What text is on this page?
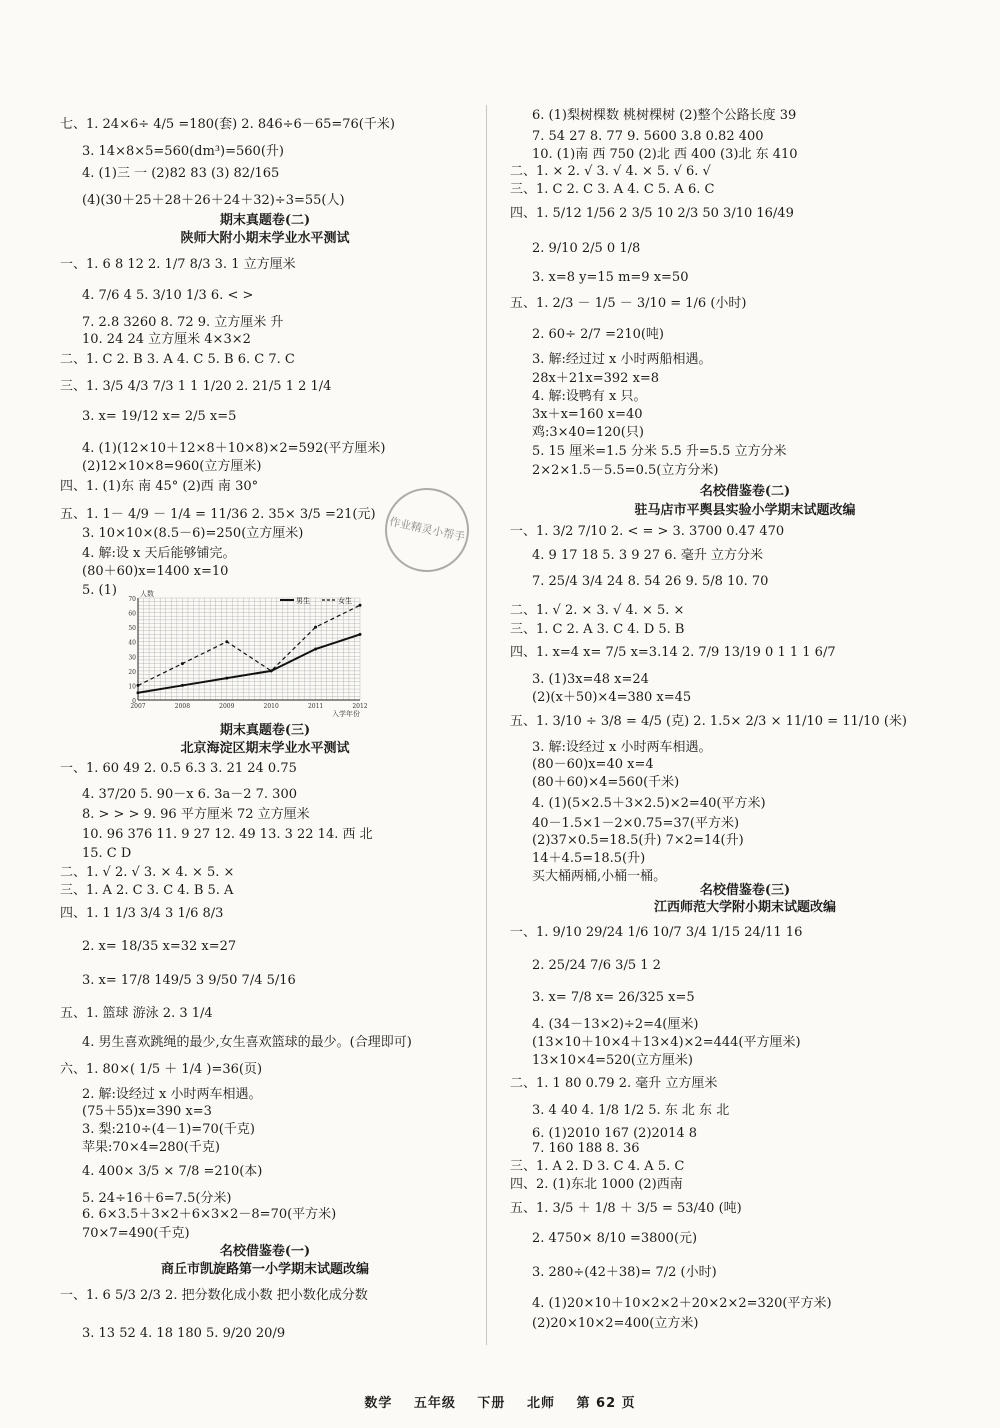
七、1. 24×6÷ 4/5 =180(套) 2. 846÷6－65=76(千米)
3. 14×8×5=560(dm³)=560(升)
4. (1)三 一 (2)82 83 (3) 82/165
(4)(30＋25＋28＋26＋24＋32)÷3=55(人)
期末真题卷(二)
陕师大附小期末学业水平测试
一、1. 6 8 12 2. 1/7 8/3 3. 1 立方厘米
4. 7/6 4 5. 3/10 1/3 6. < >
7. 2.8 3260 8. 72 9. 立方厘米 升
10. 24 24 立方厘米 4×3×2
二、1. C 2. B 3. A 4. C 5. B 6. C 7. C
三、1. 3/5 4/3 7/3 1 1 1/20 2. 21/5 1 2 1/4
3. x= 19/12 x= 2/5 x=5
4. (1)(12×10＋12×8＋10×8)×2=592(平方厘米)
(2)12×10×8=960(立方厘米)
四、1. (1)东 南 45° (2)西 南 30°
五、1. 1－ 4/9 － 1/4 = 11/36 2. 35× 3/5 =21(元)
3. 10×10×(8.5－6)=250(立方厘米)
4. 解:设 x 天后能够铺完。
(80＋60)x=1400 x=10
5. (1)
期末真题卷(三)
北京海淀区期末学业水平测试
一、1. 60 49 2. 0.5 6.3 3. 21 24 0.75
4. 37/20 5. 90－x 6. 3a－2 7. 300
8. > > > 9. 96 平方厘米 72 立方厘米
10. 96 376 11. 9 27 12. 49 13. 3 22 14. 西 北
15. C D
二、1. √ 2. √ 3. × 4. × 5. ×
三、1. A 2. C 3. C 4. B 5. A
四、1. 1 1/3 3/4 3 1/6 8/3
2. x= 18/35 x=32 x=27
3. x= 17/8 149/5 3 9/50 7/4 5/16
五、1. 篮球 游泳 2. 3 1/4
4. 男生喜欢跳绳的最少,女生喜欢篮球的最少。(合理即可)
六、1. 80×( 1/5 ＋ 1/4 )=36(页)
2. 解:设经过 x 小时两车相遇。
(75＋55)x=390 x=3
3. 梨:210÷(4－1)=70(千克)
苹果:70×4=280(千克)
4. 400× 3/5 × 7/8 =210(本)
5. 24÷16＋6=7.5(分米)
6. 6×3.5＋3×2＋6×3×2－8=70(平方米)
70×7=490(千克)
名校借鉴卷(一)
商丘市凯旋路第一小学期末试题改编
一、1. 6 5/3 2/3 2. 把分数化成小数 把小数化成分数
3. 13 52 4. 18 180 5. 9/20 20/9
6. (1)梨树棵数 桃树棵树 (2)整个公路长度 39
7. 54 27 8. 77 9. 5600 3.8 0.82 400
10. (1)南 西 750 (2)北 西 400 (3)北 东 410
二、1. × 2. √ 3. √ 4. × 5. √ 6. √
三、1. C 2. C 3. A 4. C 5. A 6. C
四、1. 5/12 1/56 2 3/5 10 2/3 50 3/10 16/49
2. 9/10 2/5 0 1/8
3. x=8 y=15 m=9 x=50
五、1. 2/3 － 1/5 － 3/10 = 1/6 (小时)
2. 60÷ 2/7 =210(吨)
3. 解:经过过 x 小时两船相遇。
28x＋21x=392 x=8
4. 解:设鸭有 x 只。
3x＋x=160 x=40
鸡:3×40=120(只)
5. 15 厘米=1.5 分米 5.5 升=5.5 立方分米
2×2×1.5－5.5=0.5(立方分米)
名校借鉴卷(二)
驻马店市平舆县实验小学期末试题改编
一、1. 3/2 7/10 2. < = > 3. 3700 0.47 470
4. 9 17 18 5. 3 9 27 6. 毫升 立方分米
7. 25/4 3/4 24 8. 54 26 9. 5/8 10. 70
二、1. √ 2. × 3. √ 4. × 5. ×
三、1. C 2. A 3. C 4. D 5. B
四、1. x=4 x= 7/5 x=3.14 2. 7/9 13/19 0 1 1 1 6/7
3. (1)3x=48 x=24
(2)(x＋50)×4=380 x=45
五、1. 3/10 ÷ 3/8 = 4/5 (克) 2. 1.5× 2/3 × 11/10 = 11/10 (米)
3. 解:设经过 x 小时两车相遇。
(80－60)x=40 x=4
(80＋60)×4=560(千米)
4. (1)(5×2.5＋3×2.5)×2=40(平方米)
40－1.5×1－2×0.75=37(平方米)
(2)37×0.5=18.5(升) 7×2=14(升)
14＋4.5=18.5(升)
买大桶两桶,小桶一桶。
名校借鉴卷(三)
江西师范大学附小期末试题改编
一、1. 9/10 29/24 1/6 10/7 3/4 1/15 24/11 16
2. 25/24 7/6 3/5 1 2
3. x= 7/8 x= 26/325 x=5
4. (34－13×2)÷2=4(厘米)
(13×10＋10×4＋13×4)×2=444(平方厘米)
13×10×4=520(立方厘米)
二、1. 1 80 0.79 2. 毫升 立方厘米
3. 4 40 4. 1/8 1/2 5. 东 北 东 北
6. (1)2010 167 (2)2014 8
7. 160 188 8. 36
三、1. A 2. D 3. C 4. A 5. C
四、2. (1)东北 1000 (2)西南
五、1. 3/5 ＋ 1/8 ＋ 3/5 = 53/40 (吨)
2. 4750× 8/10 =3800(元)
3. 280÷(42＋38)= 7/2 (小时)
4. (1)20×10＋10×2×2＋20×2×2=320(平方米)
(2)20×10×2=400(立方米)
0
10
20
30
40
50
60
70
2007	2008	2009	2010	2011	2012
人数
入学年份
男生	女生
作业精灵小帮手
数学 五年级 下册 北师 第 62 页
